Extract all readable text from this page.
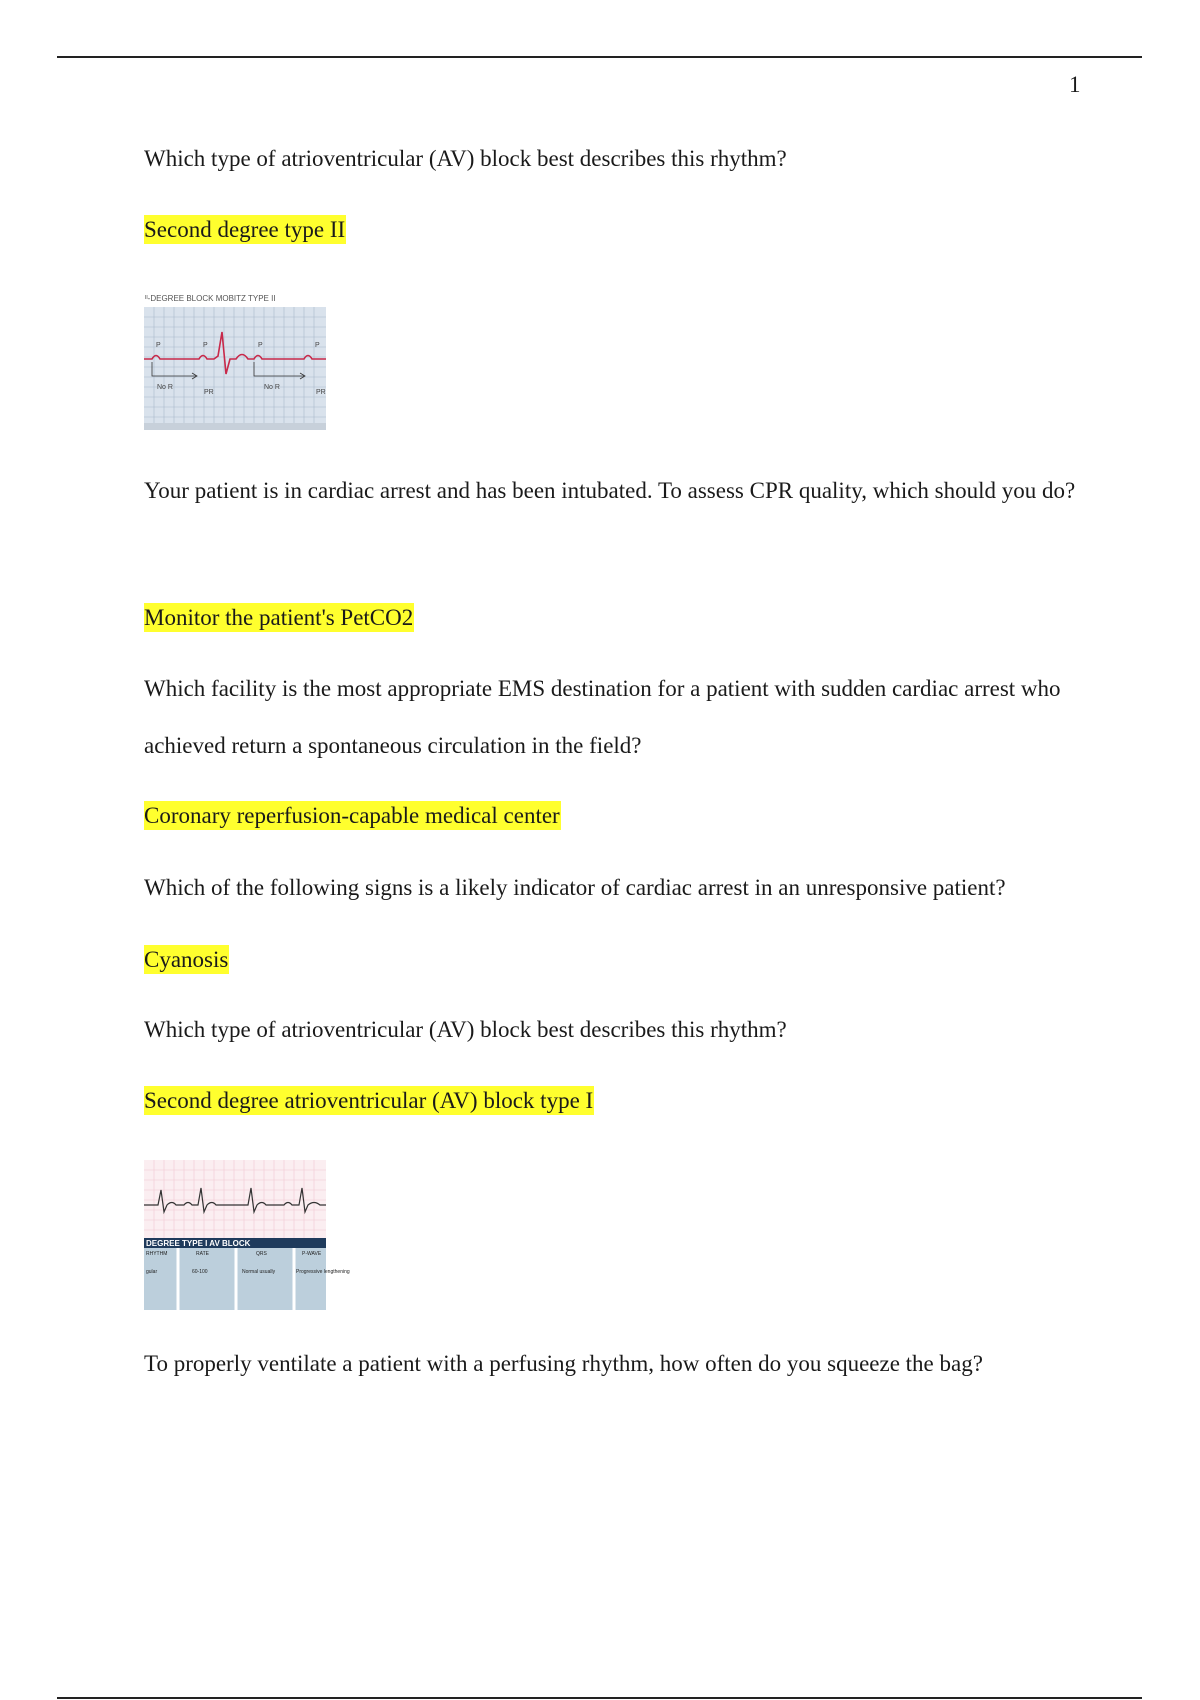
1
Which type of atrioventricular (AV) block best describes this rhythm?
Second degree type II
ᴵᴵ-DEGREE BLOCK MOBITZ TYPE II
P	P	P	P
No R
PR
No R
PR
Your patient is in cardiac arrest and has been intubated. To assess CPR quality, which should you do?
Monitor the patient's PetCO2
Which facility is the most appropriate EMS destination for a patient with sudden cardiac arrest who achieved return a spontaneous circulation in the field?
Coronary reperfusion-capable medical center
Which of the following signs is a likely indicator of cardiac arrest in an unresponsive patient?
Cyanosis
Which type of atrioventricular (AV) block best describes this rhythm?
Second degree atrioventricular (AV) block type I
DEGREE TYPE I AV BLOCK
RHYTHM	RATE	QRS	P-WAVE
gular	60-100	Normal usually	Progressive lengthening
To properly ventilate a patient with a perfusing rhythm, how often do you squeeze the bag?
